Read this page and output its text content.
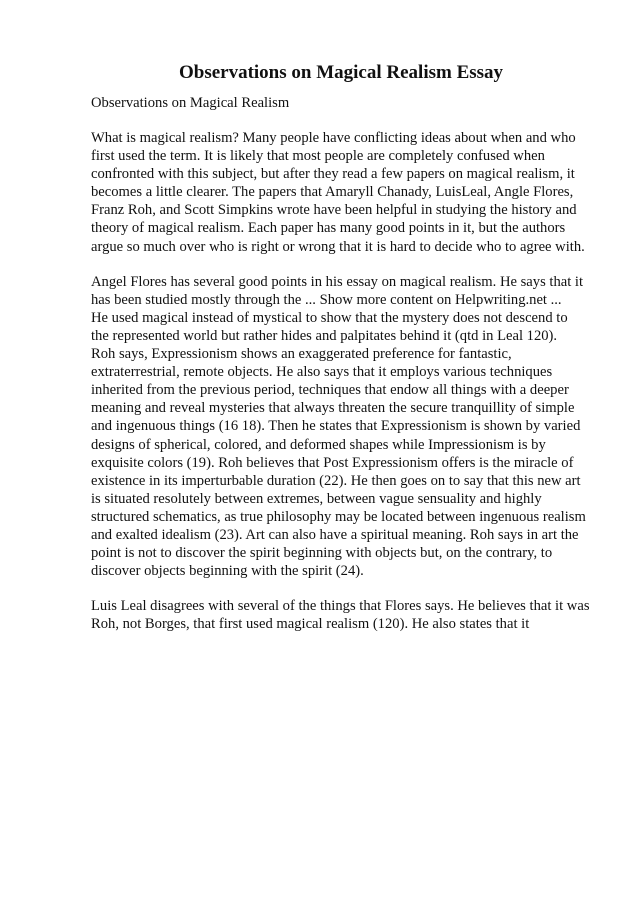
Observations on Magical Realism Essay

Observations on Magical Realism

What is magical realism? Many people have conflicting ideas about when and who
first used the term. It is likely that most people are completely confused when
confronted with this subject, but after they read a few papers on magical realism, it
becomes a little clearer. The papers that Amaryll Chanady, LuisLeal, Angle Flores,
Franz Roh, and Scott Simpkins wrote have been helpful in studying the history and
theory of magical realism. Each paper has many good points in it, but the authors
argue so much over who is right or wrong that it is hard to decide who to agree with.
Angel Flores has several good points in his essay on magical realism. He says that it
has been studied mostly through the ... Show more content on Helpwriting.net ...
He used magical instead of mystical to show that the mystery does not descend to
the represented world but rather hides and palpitates behind it (qtd in Leal 120).
Roh says, Expressionism shows an exaggerated preference for fantastic,
extraterrestrial, remote objects. He also says that it employs various techniques
inherited from the previous period, techniques that endow all things with a deeper
meaning and reveal mysteries that always threaten the secure tranquillity of simple
and ingenuous things (16 18). Then he states that Expressionism is shown by varied
designs of spherical, colored, and deformed shapes while Impressionism is by
exquisite colors (19). Roh believes that Post Expressionism offers is the miracle of
existence in its imperturbable duration (22). He then goes on to say that this new art
is situated resolutely between extremes, between vague sensuality and highly
structured schematics, as true philosophy may be located between ingenuous realism
and exalted idealism (23). Art can also have a spiritual meaning. Roh says in art the
point is not to discover the spirit beginning with objects but, on the contrary, to
discover objects beginning with the spirit (24).
Luis Leal disagrees with several of the things that Flores says. He believes that it was
Roh, not Borges, that first used magical realism (120). He also states that it
